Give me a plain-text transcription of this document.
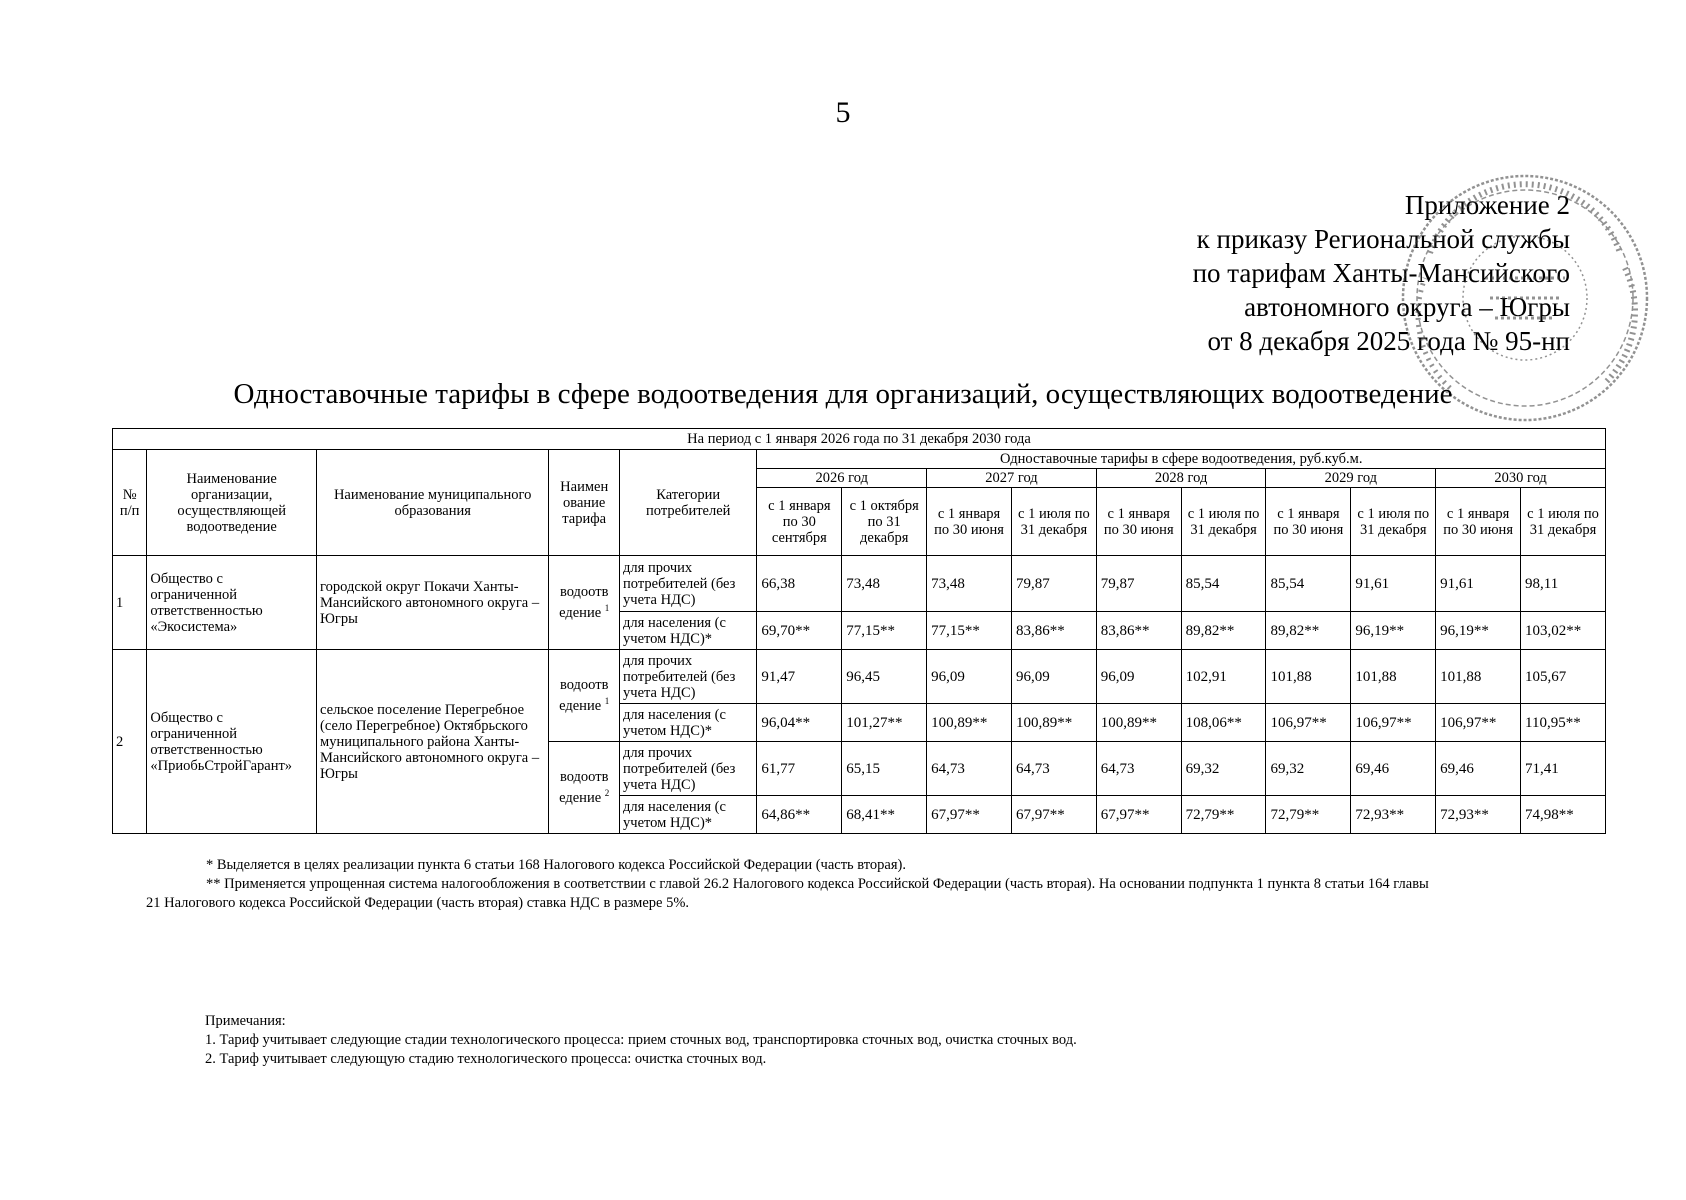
5
Приложение 2
к приказу Региональной службы
по тарифам Ханты-Мансийского
автономного округа – Югры
от 8 декабря 2025 года № 95-нп
Одноставочные тарифы в сфере водоотведения для организаций, осуществляющих водоотведение
На период с 1 января 2026 года по 31 декабря 2030 года														
№ п/п	Наименование организации, осуществляющей водоотведение	Наименование муниципального образования	Наимен ование тарифа	Категории потребителей	Одноставочные тарифы в сфере водоотведения, руб.куб.м.									
					2026 год		2027 год		2028 год		2029 год		2030 год	
					с 1 января по 30 сентября	с 1 октября по 31 декабря	с 1 января по 30 июня	с 1 июля по 31 декабря	с 1 января по 30 июня	с 1 июля по 31 декабря	с 1 января по 30 июня	с 1 июля по 31 декабря	с 1 января по 30 июня	с 1 июля по 31 декабря
1	Общество с ограниченной ответственностью «Экосистема»	городской округ Покачи Ханты-Мансийского автономного округа – Югры	водоотв едение $^1$	для прочих потребителей (без учета НДС)	66,38	73,48	73,48	79,87	79,87	85,54	85,54	91,61	91,61	98,11
				для населения (с учетом НДС)*	69,70**	77,15**	77,15**	83,86**	83,86**	89,82**	89,82**	96,19**	96,19**	103,02**
2	Общество с ограниченной ответственностью «ПриобьСтройГарант»	сельское поселение Перегребное (село Перегребное) Октябрьского муниципального района Ханты-Мансийского автономного округа – Югры	водоотв едение $^1$	для прочих потребителей (без учета НДС)	91,47	96,45	96,09	96,09	96,09	102,91	101,88	101,88	101,88	105,67
				для населения (с учетом НДС)*	96,04**	101,27**	100,89**	100,89**	100,89**	108,06**	106,97**	106,97**	106,97**	110,95**
			водоотв едение $^2$	для прочих потребителей (без учета НДС)	61,77	65,15	64,73	64,73	64,73	69,32	69,32	69,46	69,46	71,41
				для населения (с учетом НДС)*	64,86**	68,41**	67,97**	67,97**	67,97**	72,79**	72,79**	72,93**	72,93**	74,98**
* Выделяется в целях реализации пункта 6 статьи 168 Налогового кодекса Российской Федерации (часть вторая).
** Применяется упрощенная система налогообложения в соответствии с главой 26.2 Налогового кодекса Российской Федерации (часть вторая). На основании подпункта 1 пункта 8 статьи 164 главы
21 Налогового кодекса Российской Федерации (часть вторая) ставка НДС в размере 5%.
Примечания:
1. Тариф учитывает следующие стадии технологического процесса: прием сточных вод, транспортировка сточных вод, очистка сточных вод.
2. Тариф учитывает следующую стадию технологического процесса: очистка сточных вод.
